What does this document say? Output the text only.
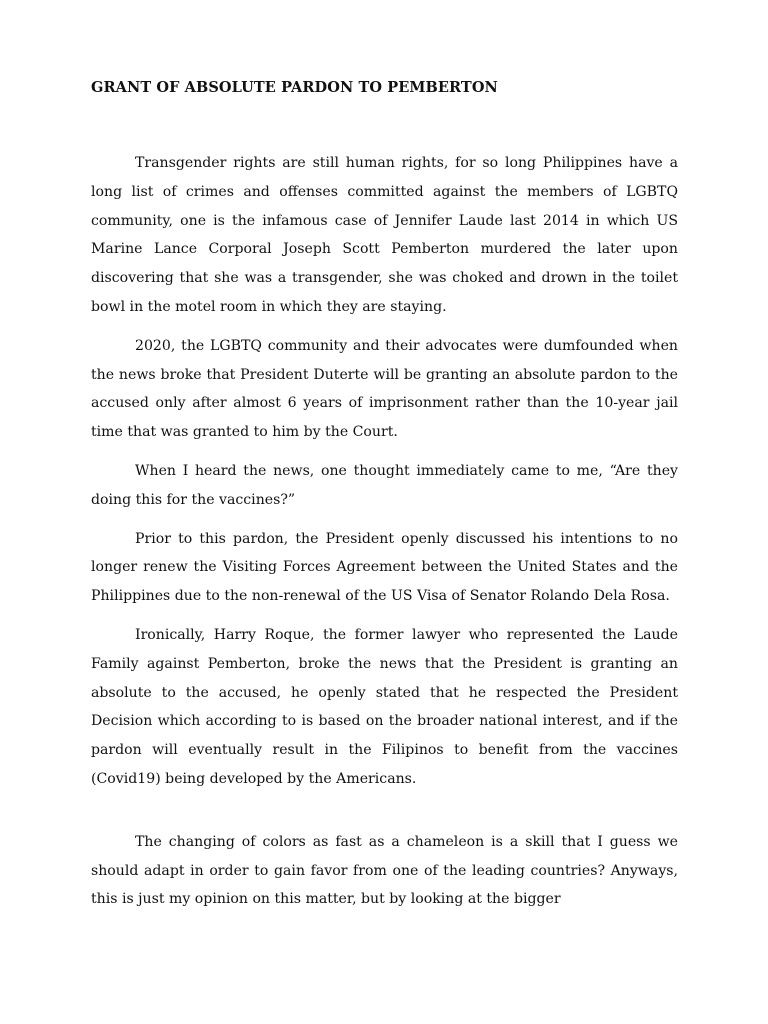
GRANT OF ABSOLUTE PARDON TO PEMBERTON

Transgender rights are still human rights, for so long Philippines have a long list of crimes and offenses committed against the members of LGBTQ community, one is the infamous case of Jennifer Laude last 2014 in which US Marine Lance Corporal Joseph Scott Pemberton murdered the later upon discovering that she was a transgender, she was choked and drown in the toilet bowl in the motel room in which they are staying.

2020, the LGBTQ community and their advocates were dumfounded when the news broke that President Duterte will be granting an absolute pardon to the accused only after almost 6 years of imprisonment rather than the 10-year jail time that was granted to him by the Court.

When I heard the news, one thought immediately came to me, “Are they doing this for the vaccines?”

Prior to this pardon, the President openly discussed his intentions to no longer renew the Visiting Forces Agreement between the United States and the Philippines due to the non-renewal of the US Visa of Senator Rolando Dela Rosa.

Ironically, Harry Roque, the former lawyer who represented the Laude Family against Pemberton, broke the news that the President is granting an absolute to the accused, he openly stated that he respected the President Decision which according to is based on the broader national interest, and if the pardon will eventually result in the Filipinos to benefit from the vaccines (Covid19) being developed by the Americans.

The changing of colors as fast as a chameleon is a skill that I guess we should adapt in order to gain favor from one of the leading countries? Anyways, this is just my opinion on this matter, but by looking at the bigger
